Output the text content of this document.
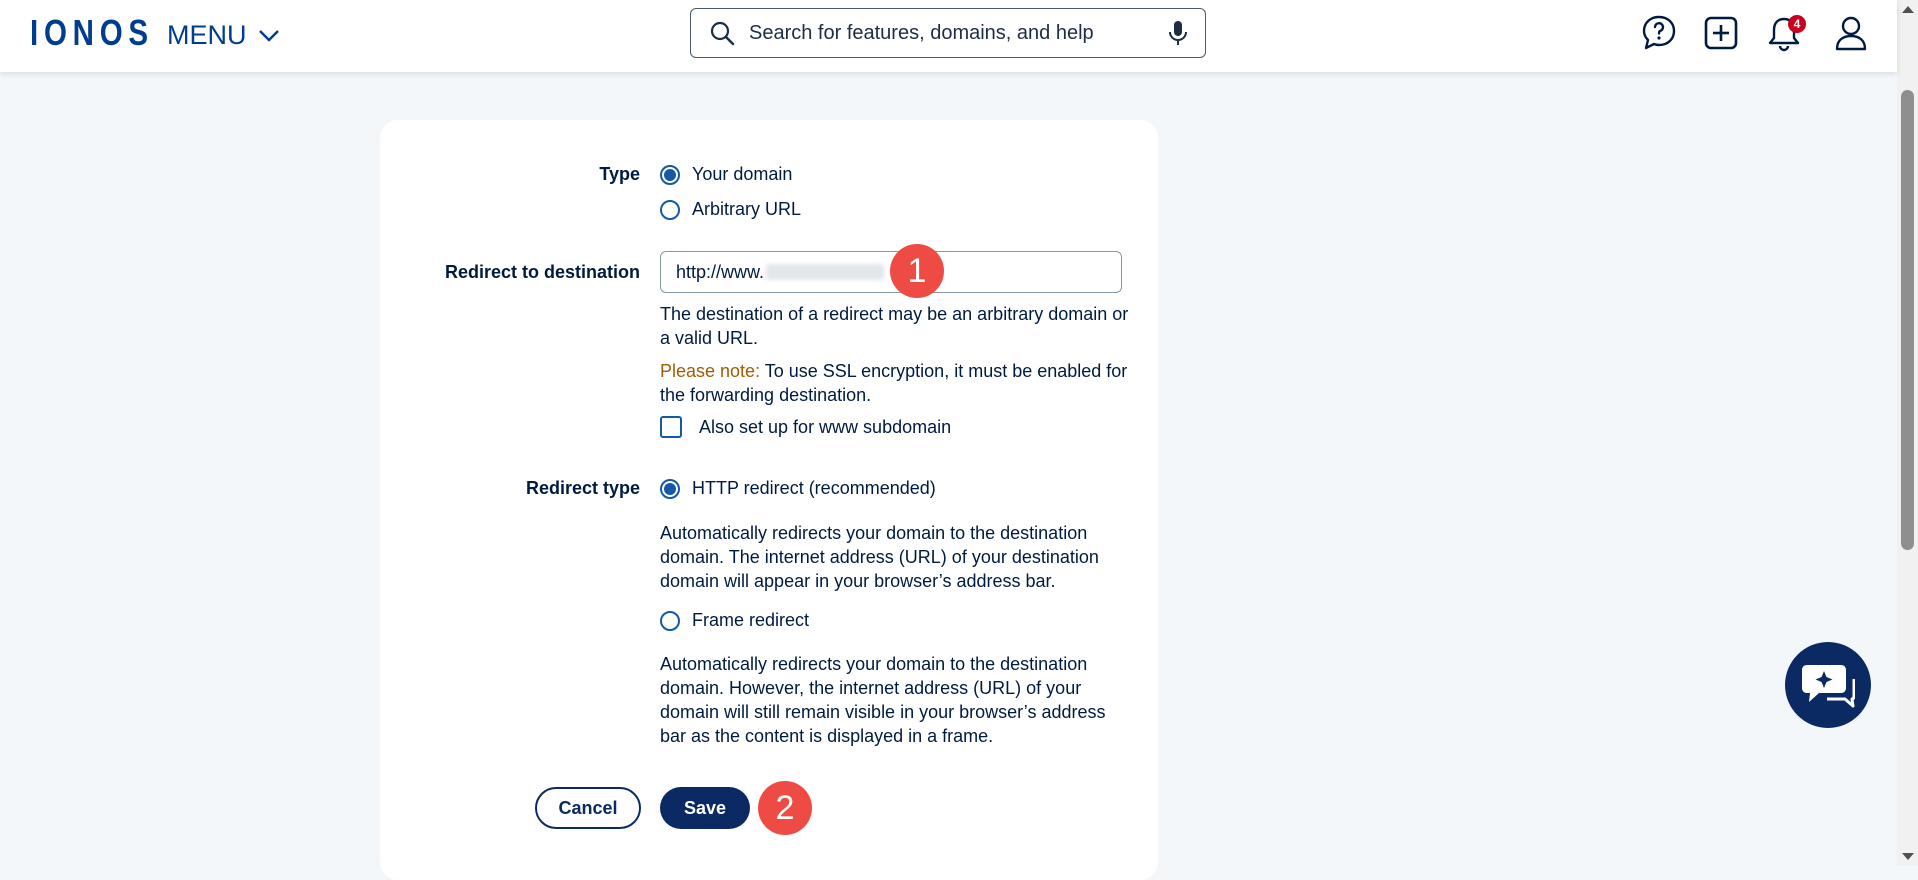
IONOS MENU
Search for features, domains, and help	4
Type	Your domain
Arbitrary URL
Redirect to destination http://www.	1
The destination of a redirect may be an arbitrary domain or a valid URL.
Please note: To use SSL encryption, it must be enabled for the forwarding destination.
Also set up for www subdomain
Redirect type	HTTP redirect (recommended)
Automatically redirects your domain to the destination domain. The internet address (URL) of your destination domain will appear in your browser’s address bar.
Frame redirect
Automatically redirects your domain to the destination domain. However, the internet address (URL) of your domain will still remain visible in your browser’s address bar as the content is displayed in a frame.
Cancel	Save	2
